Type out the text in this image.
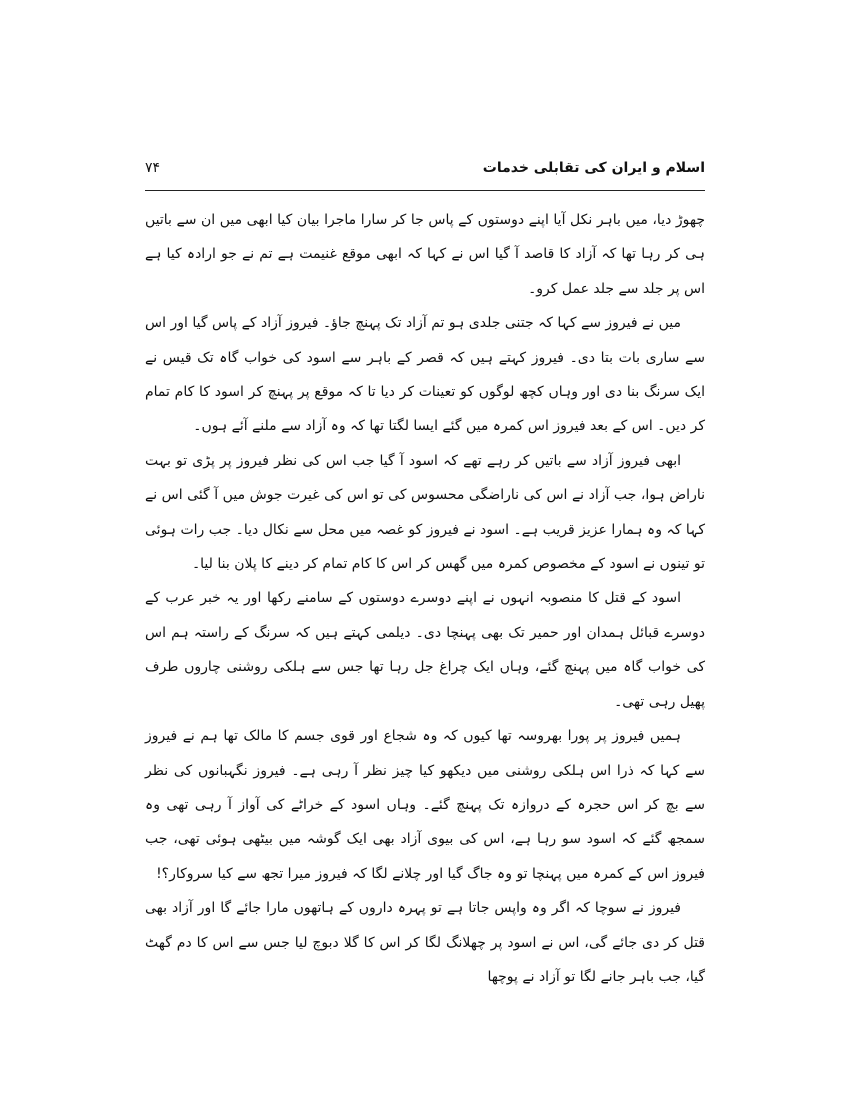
اسلام و ایران کی تقابلی خدمات
۷۴

چھوڑ دیا، میں باہر نکل آیا اپنے دوستوں کے پاس جا کر سارا ماجرا بیان کیا ابھی میں ان سے باتیں ہی کر رہا تھا کہ آزاد کا قاصد آ گیا اس نے کہا کہ ابھی موقع غنیمت ہے تم نے جو ارادہ کیا ہے اس پر جلد سے جلد عمل کرو۔

میں نے فیروز سے کہا کہ جتنی جلدی ہو تم آزاد تک پہنچ جاؤ۔ فیروز آزاد کے پاس گیا اور اس سے ساری بات بتا دی۔ فیروز کہتے ہیں کہ قصر کے باہر سے اسود کی خواب گاہ تک قیس نے ایک سرنگ بنا دی اور وہاں کچھ لوگوں کو تعینات کر دیا تا کہ موقع پر پہنچ کر اسود کا کام تمام کر دیں۔ اس کے بعد فیروز اس کمرہ میں گئے ایسا لگتا تھا کہ وہ آزاد سے ملنے آئے ہوں۔

ابھی فیروز آزاد سے باتیں کر رہے تھے کہ اسود آ گیا جب اس کی نظر فیروز پر پڑی تو بہت ناراض ہوا، جب آزاد نے اس کی ناراضگی محسوس کی تو اس کی غیرت جوش میں آ گئی اس نے کہا کہ وہ ہمارا عزیز قریب ہے۔ اسود نے فیروز کو غصہ میں محل سے نکال دیا۔ جب رات ہوئی تو تینوں نے اسود کے مخصوص کمرہ میں گھس کر اس کا کام تمام کر دینے کا پلان بنا لیا۔

اسود کے قتل کا منصوبہ انہوں نے اپنے دوسرے دوستوں کے سامنے رکھا اور یہ خبر عرب کے دوسرے قبائل ہمدان اور حمیر تک بھی پہنچا دی۔ دیلمی کہتے ہیں کہ سرنگ کے راستہ ہم اس کی خواب گاہ میں پہنچ گئے، وہاں ایک چراغ جل رہا تھا جس سے ہلکی روشنی چاروں طرف پھیل رہی تھی۔

ہمیں فیروز پر پورا بھروسہ تھا کیوں کہ وہ شجاع اور قوی جسم کا مالک تھا ہم نے فیروز سے کہا کہ ذرا اس ہلکی روشنی میں دیکھو کیا چیز نظر آ رہی ہے۔ فیروز نگہبانوں کی نظر سے بچ کر اس حجرہ کے دروازہ تک پہنچ گئے۔ وہاں اسود کے خراٹے کی آواز آ رہی تھی وہ سمجھ گئے کہ اسود سو رہا ہے، اس کی بیوی آزاد بھی ایک گوشہ میں بیٹھی ہوئی تھی، جب فیروز اس کے کمرہ میں پہنچا تو وہ جاگ گیا اور چلانے لگا کہ فیروز میرا تجھ سے کیا سروکار؟!

فیروز نے سوچا کہ اگر وہ واپس جاتا ہے تو پہرہ داروں کے ہاتھوں مارا جائے گا اور آزاد بھی قتل کر دی جائے گی، اس نے اسود پر چھلانگ لگا کر اس کا گلا دبوچ لیا جس سے اس کا دم گھٹ گیا، جب باہر جانے لگا تو آزاد نے پوچھا
